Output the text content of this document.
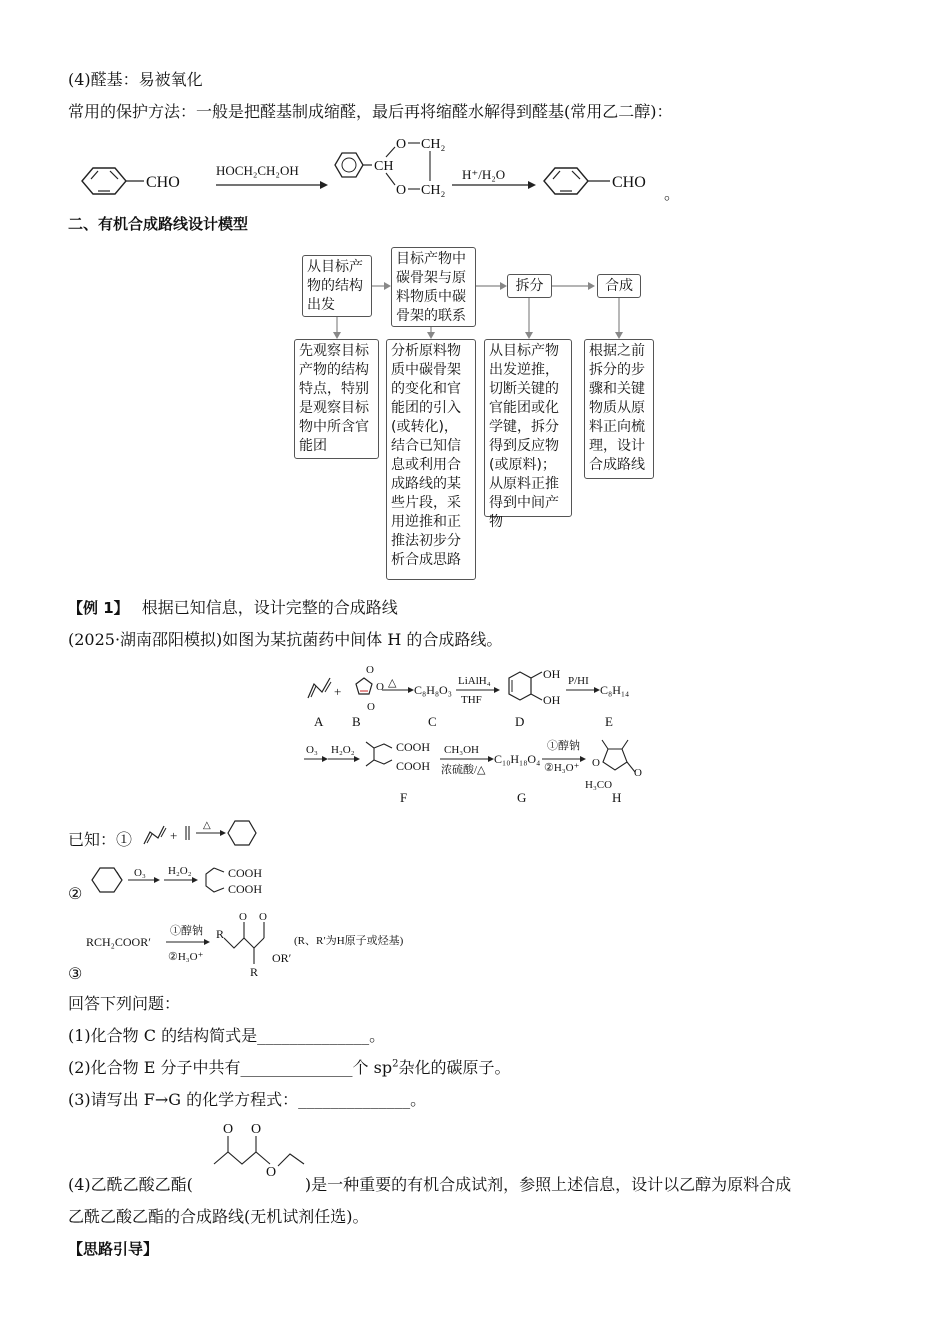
(4)醛基：易被氧化
常用的保护方法：一般是把醛基制成缩醛，最后再将缩醛水解得到醛基(常用乙二醇)：
CHO
HOCH₂CH₂OH	CH
O
O
CH₂
CH₂
H⁺/H₂O	CHO
。
二、有机合成路线设计模型
从目标产物的结构出发
目标产物中碳骨架与原料物质中碳骨架的联系
拆分	合成
先观察目标产物的结构特点，特别是观察目标物中所含官能团
分析原料物质中碳骨架的变化和官能团的引入(或转化)，结合已知信息或利用合成路线的某些片段，采用逆推和正推法初步分析合成思路
从目标产物出发逆推，切断关键的官能团或化学键，拆分得到反应物(或原料)；从原料正推得到中间产物
根据之前拆分的步骤和关键物质从原料正向梳理，设计合成路线
【例 1】 根据已知信息，设计完整的合成路线
(2025·湖南邵阳模拟)如图为某抗菌药中间体 H 的合成路线。
+
O
O
O △ C₈H₈O₃
LiAlH₄
THF
OH
OH
P/HI
C₈H₁₄
A B	C	D	E
O₃ H₂O₂	COOH
COOH
CH₃OH
浓硫酸/△
C₁₀H₁₈O₄
①醇钠
②H₃O⁺ O
O
H₃CO
F	G	H
已知：①	+
△
②
O₃ H₂O₂	COOH
COOH
RCH₂COOR′
①醇钠
②H₃O⁺
R
O O
R
OR′
(R、R′为H原子或烃基)
③
回答下列问题：
(1)化合物 C 的结构简式是______________。
(2)化合物 E 分子中共有______________个 $sp^2$杂化的碳原子。
(3)请写出 F→G 的化学方程式：______________。
O O
O
(4)乙酰乙酸乙酯(	)是一种重要的有机合成试剂，参照上述信息，设计以乙醇为原料合成
乙酰乙酸乙酯的合成路线(无机试剂任选)。
【思路引导】
